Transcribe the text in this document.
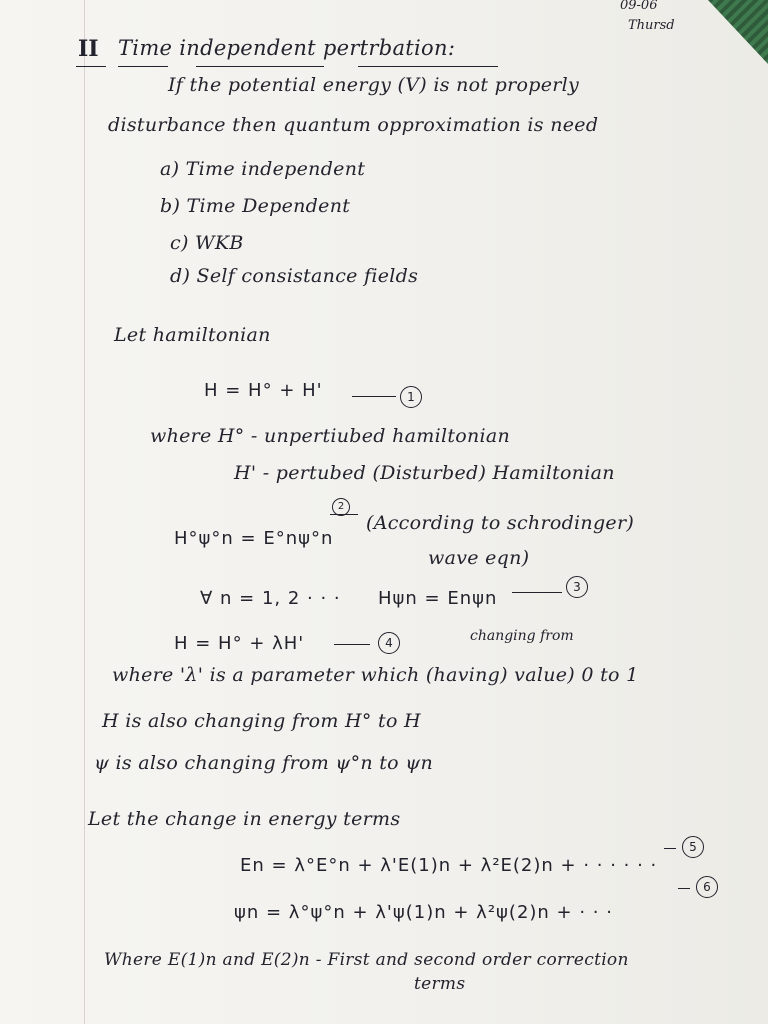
09-06
Thursd
II Time independent pertrbation:
If the potential energy (V) is not properly
disturbance then quantum opproximation is need
a) Time independent
b) Time Dependent
c) WKB
d) Self consistance fields
Let hamiltonian
H = H° + H'	1
where H° - unpertiubed hamiltonian
H' - pertubed (Disturbed) Hamiltonian
H°ψ°n = E°nψ°n
2
(According to schrodinger)
wave eqn)
∀ n = 1, 2 · · · Hψn = Enψn
3
H = H° + λH'	4	changing from
where 'λ' is a parameter which (having) value) 0 to 1
H is also changing from H° to H
ψ is also changing from ψ°n to ψn
Let the change in energy terms
En = λ°E°n + λ'E(1)n + λ²E(2)n + · · · · · ·
5
ψn = λ°ψ°n + λ'ψ(1)n + λ²ψ(2)n + · · ·
6
Where E(1)n and E(2)n - First and second order correction
terms
